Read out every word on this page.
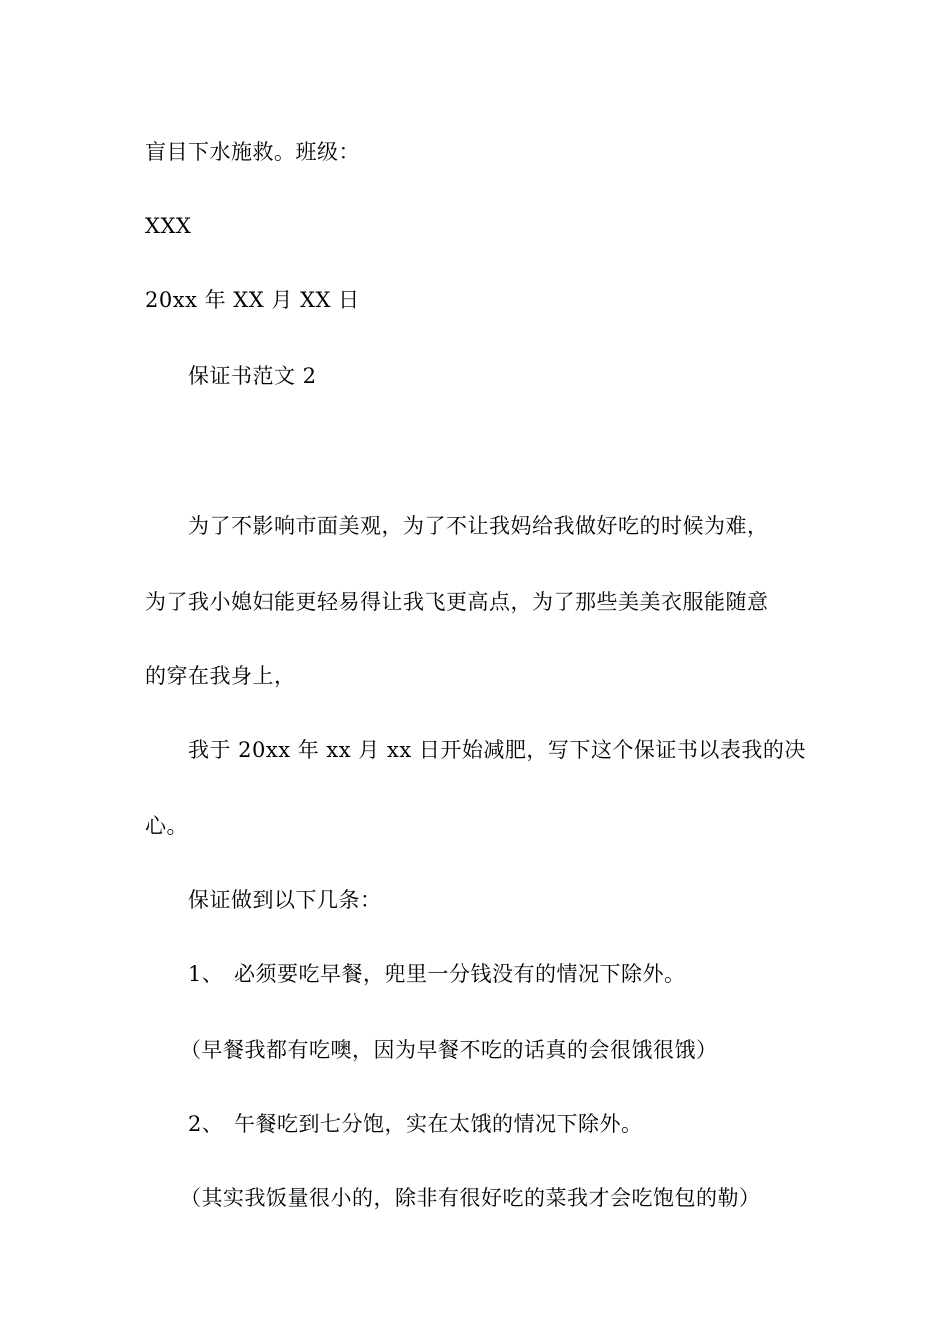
盲目下水施救。班级：
XXX
20xx 年 XX 月 XX 日
保证书范文 2
为了不影响市面美观，为了不让我妈给我做好吃的时候为难，
为了我小媳妇能更轻易得让我飞更高点，为了那些美美衣服能随意
的穿在我身上，
我于 20xx 年 xx 月 xx 日开始减肥，写下这个保证书以表我的决
心。
保证做到以下几条：
1、 必须要吃早餐，兜里一分钱没有的情况下除外。
（早餐我都有吃噢，因为早餐不吃的话真的会很饿很饿）
2、 午餐吃到七分饱，实在太饿的情况下除外。
（其实我饭量很小的，除非有很好吃的菜我才会吃饱包的勒）
